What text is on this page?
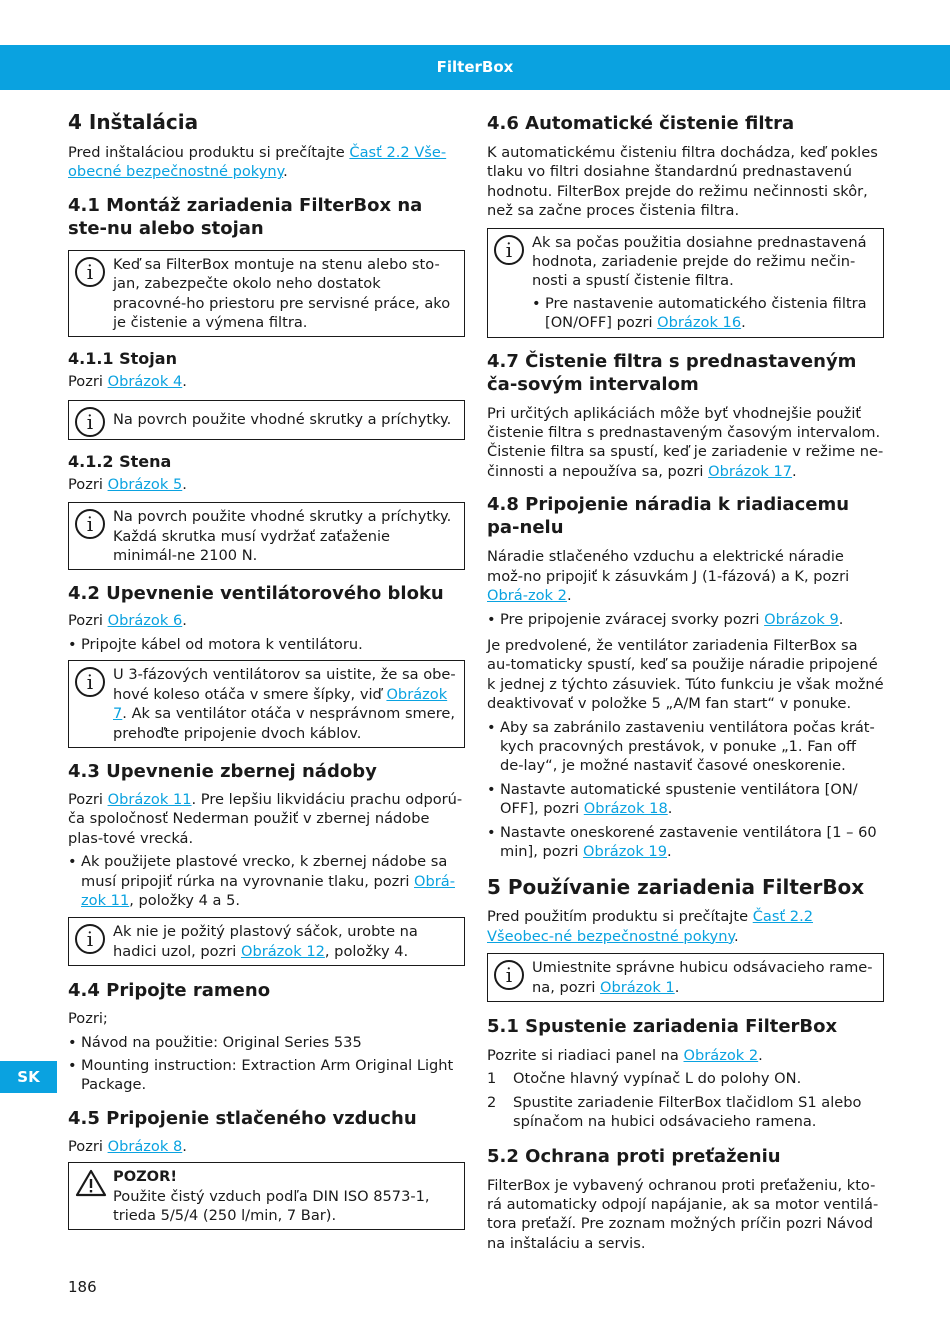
FilterBox
SK
186
4 Inštalácia

Pred inštaláciou produktu si prečítajte Časť 2.2 Vše-obecné bezpečnostné pokyny.

4.1 Montáž zariadenia FilterBox na ste-nu alebo stojan
i	Keď sa FilterBox montuje na stenu alebo sto-jan, zabezpečte okolo neho dostatok pracovné-ho priestoru pre servisné práce, ako je čistenie a výmena filtra.
4.1.1 Stojan

Pozri Obrázok 4.

i	Na povrch použite vhodné skrutky a príchytky.
4.1.2 Stena

Pozri Obrázok 5.

i	Na povrch použite vhodné skrutky a príchytky. Každá skrutka musí vydržať zaťaženie minimál-ne 2100 N.
4.2 Upevnenie ventilátorového bloku

Pozri Obrázok 6.

• Pripojte kábel od motora k ventilátoru.
i	U 3-fázových ventilátorov sa uistite, že sa obe-hové koleso otáča v smere šípky, viď Obrázok 7. Ak sa ventilátor otáča v nesprávnom smere, prehoďte pripojenie dvoch káblov.
4.3 Upevnenie zbernej nádoby

Pozri Obrázok 11. Pre lepšiu likvidáciu prachu odporú-ča spoločnosť Nederman použiť v zbernej nádobe plas-tové vrecká.

• Ak použijete plastové vrecko, k zbernej nádobe sa musí pripojiť rúrka na vyrovnanie tlaku, pozri Obrá-zok 11, položky 4 a 5.
i	Ak nie je požitý plastový sáčok, urobte na hadici uzol, pozri Obrázok 12, položky 4.
4.4 Pripojte rameno

Pozri;

• Návod na použitie: Original Series 535
• Mounting instruction: Extraction Arm Original Light Package.
4.5 Pripojenie stlačeného vzduchu

Pozri Obrázok 8.

POZOR!
Použite čistý vzduch podľa DIN ISO 8573-1, trieda 5/5/4 (250 l/min, 7 Bar).
4.6 Automatické čistenie filtra

K automatickému čisteniu filtra dochádza, keď pokles tlaku vo filtri dosiahne štandardnú prednastavenú hodnotu. FilterBox prejde do režimu nečinnosti skôr, než sa začne proces čistenia filtra.

i	Ak sa počas použitia dosiahne prednastavená hodnota, zariadenie prejde do režimu nečin-nosti a spustí čistenie filtra.
• Pre nastavenie automatického čistenia filtra [ON/OFF] pozri Obrázok 16.
4.7 Čistenie filtra s prednastaveným ča-sovým intervalom

Pri určitých aplikáciách môže byť vhodnejšie použiť čistenie filtra s prednastaveným časovým intervalom. Čistenie filtra sa spustí, keď je zariadenie v režime ne-činnosti a nepoužíva sa, pozri Obrázok 17.

4.8 Pripojenie náradia k riadiacemu pa-nelu

Náradie stlačeného vzduchu a elektrické náradie mož-no pripojiť k zásuvkám J (1-fázová) a K, pozri Obrá-zok 2.

• Pre pripojenie zváracej svorky pozri Obrázok 9.

Je predvolené, že ventilátor zariadenia FilterBox sa au-tomaticky spustí, keď sa použije náradie pripojené k jednej z týchto zásuviek. Túto funkciu je však možné deaktivovať v položke 5 „A/M fan start“ v ponuke.

• Aby sa zabránilo zastaveniu ventilátora počas krát-kych pracovných prestávok, v ponuke „1. Fan off de-lay“, je možné nastaviť časové oneskorenie.
• Nastavte automatické spustenie ventilátora [ON/ OFF], pozri Obrázok 18.
• Nastavte oneskorené zastavenie ventilátora [1 – 60 min], pozri Obrázok 19.
5 Používanie zariadenia FilterBox

Pred použitím produktu si prečítajte Časť 2.2 Všeobec-né bezpečnostné pokyny.

i	Umiestnite správne hubicu odsávacieho rame-na, pozri Obrázok 1.
5.1 Spustenie zariadenia FilterBox

Pozrite si riadiaci panel na Obrázok 2.

1 Otočne hlavný vypínač L do polohy ON.
2 Spustite zariadenie FilterBox tlačidlom S1 alebo spínačom na hubici odsávacieho ramena.
5.2 Ochrana proti preťaženiu

FilterBox je vybavený ochranou proti preťaženiu, kto-rá automaticky odpojí napájanie, ak sa motor ventilá-tora preťaží. Pre zoznam možných príčin pozri Návod na inštaláciu a servis.
